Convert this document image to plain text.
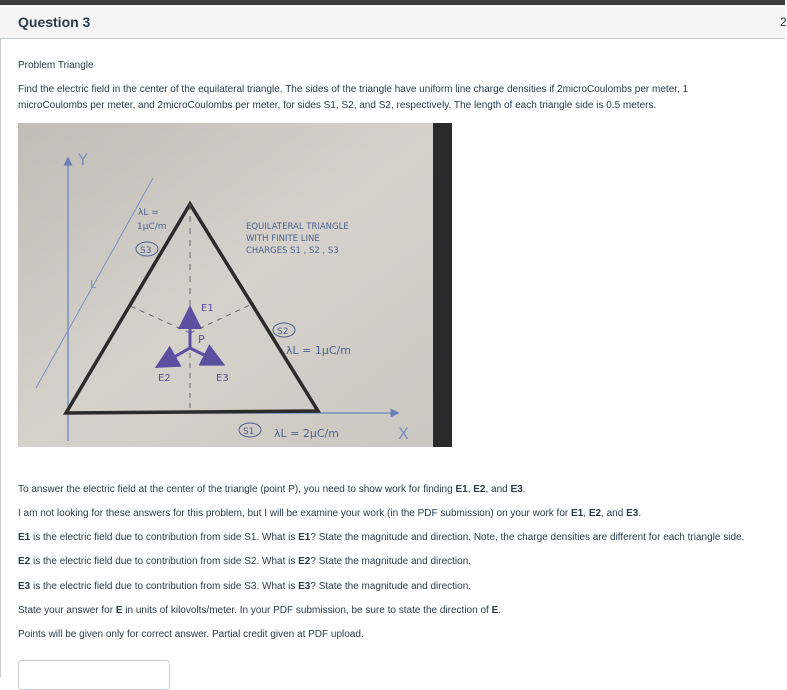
Question 3	2
Problem Triangle
Find the electric field in the center of the equilateral triangle. The sides of the triangle have uniform line charge densities if 2microCoulombs per meter, 1
microCoulombs per meter, and 2microCoulombs per meter, for sides S1, S2, and S2, respectively. The length of each triangle side is 0.5 meters.
Y
X
L
P
E1
E2	E3
EQUILATERAL TRIANGLE
WITH FINITE LINE
CHARGES S1 , S2 , S3
λL =
1μC/m
S3
S2
λL = 1μC/m
S1 λL = 2μC/m
To answer the electric field at the center of the triangle (point P), you need to show work for finding E1, E2, and E3.
I am not looking for these answers for this problem, but I will be examine your work (in the PDF submission) on your work for E1, E2, and E3.
E1 is the electric field due to contribution from side S1. What is E1? State the magnitude and direction. Note, the charge densities are different for each triangle side.
E2 is the electric field due to contribution from side S2. What is E2? State the magnitude and direction.
E3 is the electric field due to contribution from side S3. What is E3? State the magnitude and direction.
State your answer for E in units of kilovolts/meter. In your PDF submission, be sure to state the direction of E.
Points will be given only for correct answer. Partial credit given at PDF upload.
